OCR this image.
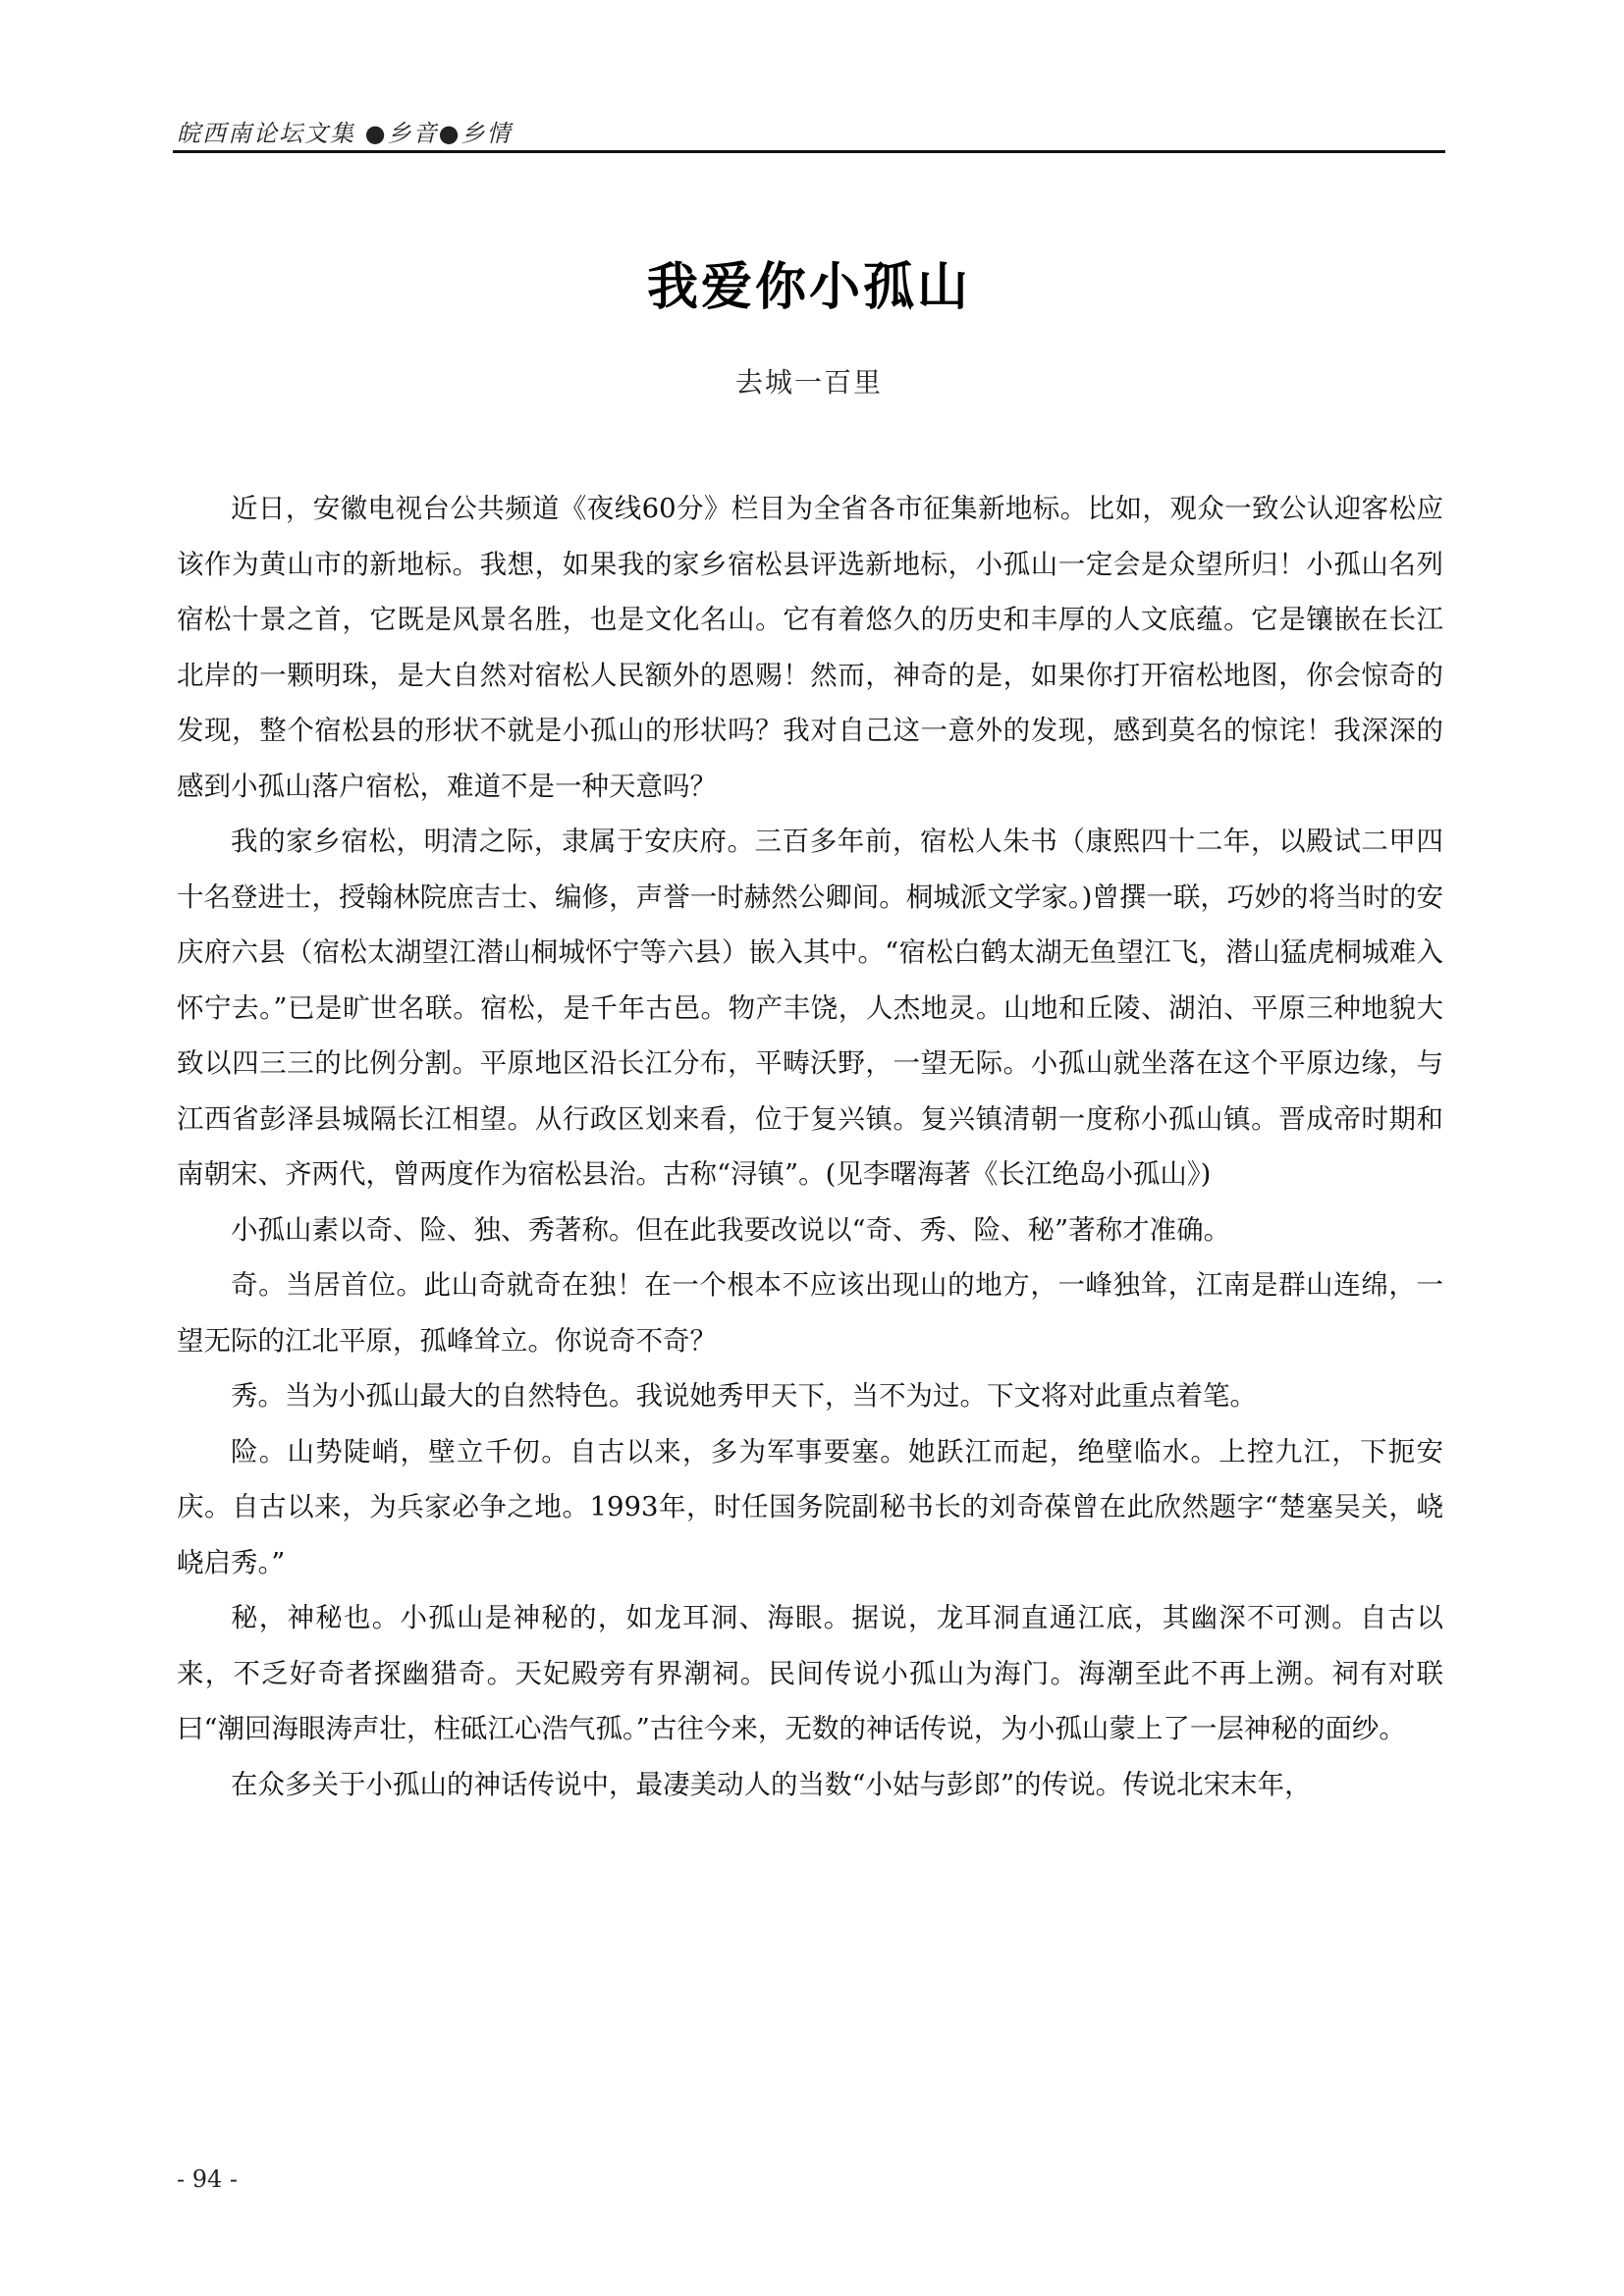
皖西南论坛文集 ●乡音●乡情
我爱你小孤山
去城一百里

近日，安徽电视台公共频道《夜线60分》栏目为全省各市征集新地标。比如，观众一致公认迎客松应该作为黄山市的新地标。我想，如果我的家乡宿松县评选新地标，小孤山一定会是众望所归！小孤山名列宿松十景之首，它既是风景名胜，也是文化名山。它有着悠久的历史和丰厚的人文底蕴。它是镶嵌在长江北岸的一颗明珠，是大自然对宿松人民额外的恩赐！然而，神奇的是，如果你打开宿松地图，你会惊奇的发现，整个宿松县的形状不就是小孤山的形状吗？我对自己这一意外的发现，感到莫名的惊诧！我深深的感到小孤山落户宿松，难道不是一种天意吗？

我的家乡宿松，明清之际，隶属于安庆府。三百多年前，宿松人朱书（康熙四十二年，以殿试二甲四十名登进士，授翰林院庶吉士、编修，声誉一时赫然公卿间。桐城派文学家。)曾撰一联，巧妙的将当时的安庆府六县（宿松太湖望江潜山桐城怀宁等六县）嵌入其中。“宿松白鹤太湖无鱼望江飞，潜山猛虎桐城难入怀宁去。”已是旷世名联。宿松，是千年古邑。物产丰饶，人杰地灵。山地和丘陵、湖泊、平原三种地貌大致以四三三的比例分割。平原地区沿长江分布，平畴沃野，一望无际。小孤山就坐落在这个平原边缘，与江西省彭泽县城隔长江相望。从行政区划来看，位于复兴镇。复兴镇清朝一度称小孤山镇。晋成帝时期和南朝宋、齐两代，曾两度作为宿松县治。古称“浔镇”。(见李曙海著《长江绝岛小孤山》)

小孤山素以奇、险、独、秀著称。但在此我要改说以“奇、秀、险、秘”著称才准确。

奇。当居首位。此山奇就奇在独！在一个根本不应该出现山的地方，一峰独耸，江南是群山连绵，一望无际的江北平原，孤峰耸立。你说奇不奇？

秀。当为小孤山最大的自然特色。我说她秀甲天下，当不为过。下文将对此重点着笔。

险。山势陡峭，壁立千仞。自古以来，多为军事要塞。她跃江而起，绝壁临水。上控九江，下扼安庆。自古以来，为兵家必争之地。1993年，时任国务院副秘书长的刘奇葆曾在此欣然题字“楚塞吴关，峣峣启秀。”

秘，神秘也。小孤山是神秘的，如龙耳洞、海眼。据说，龙耳洞直通江底，其幽深不可测。自古以来，不乏好奇者探幽猎奇。天妃殿旁有界潮祠。民间传说小孤山为海门。海潮至此不再上溯。祠有对联曰“潮回海眼涛声壮，柱砥江心浩气孤。”古往今来，无数的神话传说，为小孤山蒙上了一层神秘的面纱。

在众多关于小孤山的神话传说中，最凄美动人的当数“小姑与彭郎”的传说。传说北宋末年，

- 94 -
